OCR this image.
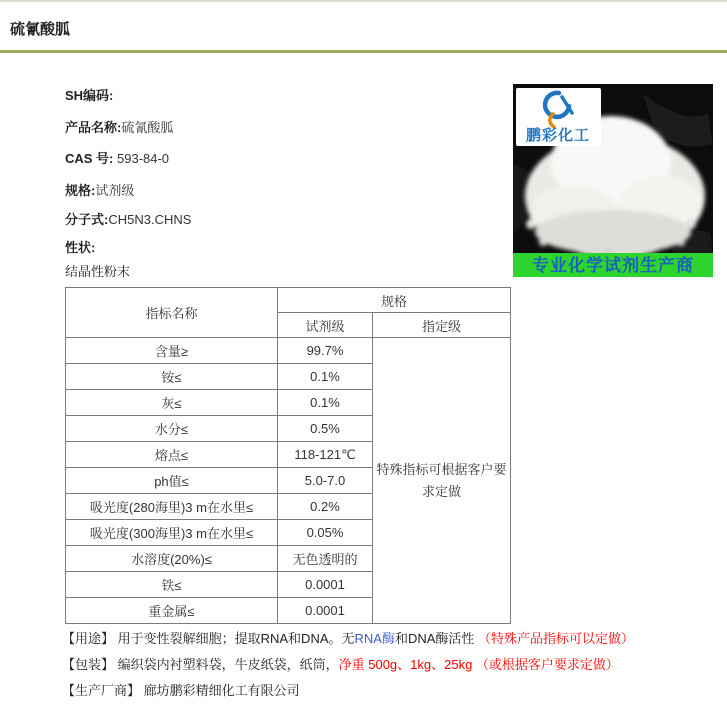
硫氰酸胍
SH编码:
产品名称:硫氰酸胍
CAS 号: 593-84-0
规格:试剂级
分子式:CH5N3.CHNS
性状:
结晶性粉末
鹏彩化工
专业化学试剂生产商
指标名称	规格	
	试剂级	指定级
含量≥	99.7%	特殊指标可根据客户要求定做
铵≤	0.1%	
灰≤	0.1%	
水分≤	0.5%	
熔点≤	118-121℃	
ph值≤	5.0-7.0	
吸光度(280海里)3 m在水里≤	0.2%	
吸光度(300海里)3 m在水里≤	0.05%	
水溶度(20%)≤	无色透明的	
铁≤	0.0001	
重金属≤	0.0001	
【用途】 用于变性裂解细胞；提取RNA和DNA。无RNA酶和DNA酶活性 （特殊产品指标可以定做）
【包装】 编织袋内衬塑料袋，牛皮纸袋，纸筒，净重 500g、1kg、25kg （或根据客户要求定做）
【生产厂商】 廊坊鹏彩精细化工有限公司
